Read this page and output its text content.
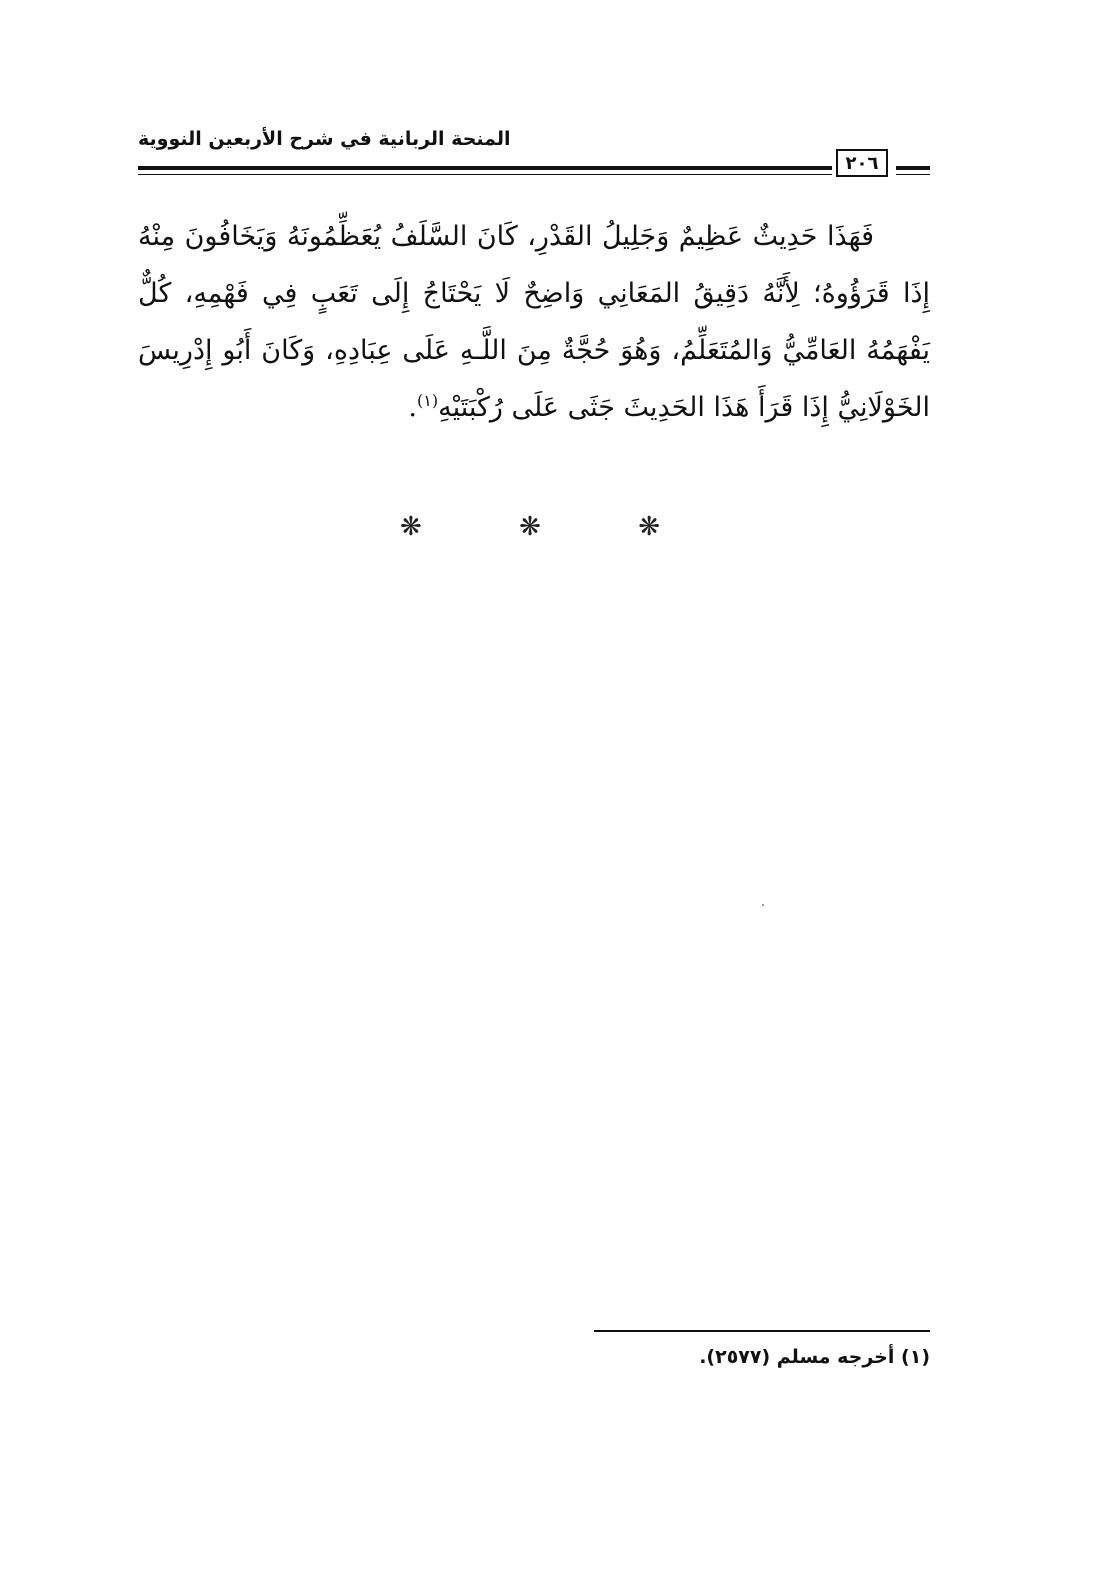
المنحة الربانية في شرح الأربعين النووية
٢٠٦

فَهَذَا حَدِيثٌ عَظِيمٌ وَجَلِيلُ القَدْرِ، كَانَ السَّلَفُ يُعَظِّمُونَهُ وَيَخَافُونَ مِنْهُ إِذَا قَرَؤُوهُ؛ لِأَنَّهُ دَقِيقُ المَعَانِي وَاضِحٌ لَا يَحْتَاجُ إِلَى تَعَبٍ فِي فَهْمِهِ، كُلٌّ يَفْهَمُهُ العَامِّيُّ وَالمُتَعَلِّمُ، وَهُوَ حُجَّةٌ مِنَ اللَّـهِ عَلَى عِبَادِهِ، وَكَانَ أَبُو إِدْرِيسَ الخَوْلَانِيُّ إِذَا قَرَأَ هَذَا الحَدِيثَ جَثَى عَلَى رُكْبَتَيْهِ$^{(١)}$.

❋
❋
❋
(١) أخرجه مسلم (٢٥٧٧).
